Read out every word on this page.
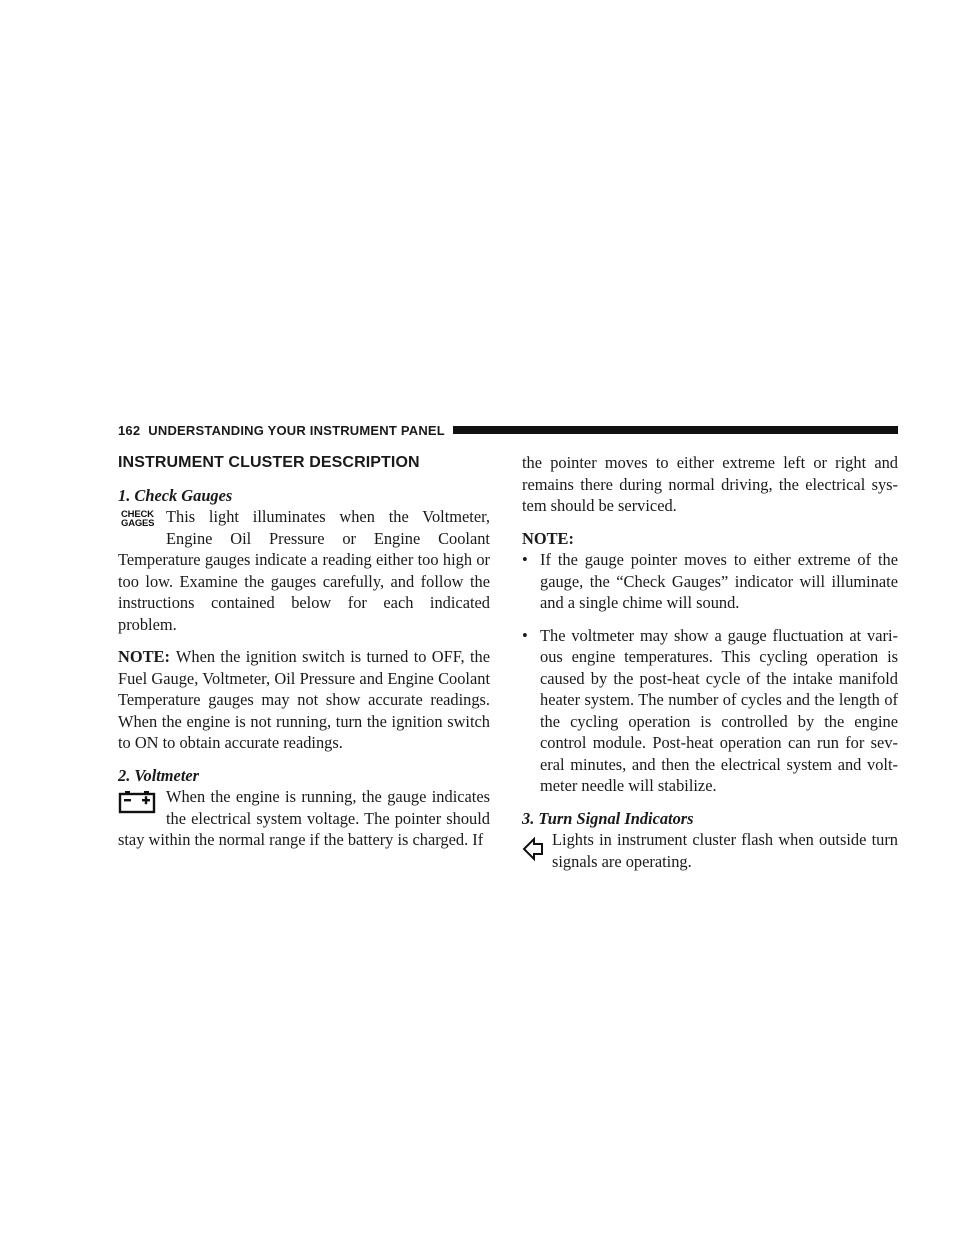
162 UNDERSTANDING YOUR INSTRUMENT PANEL
INSTRUMENT CLUSTER DESCRIPTION

1. Check Gauges

CHECK
GAGES This light illuminates when the Voltmeter, Engine Oil Pressure or Engine Coolant Temperature gauges indicate a reading either too high or too low. Examine the gauges carefully, and follow the instructions contained below for each indicated problem.

NOTE: When the ignition switch is turned to OFF, the Fuel Gauge, Voltmeter, Oil Pressure and Engine Coolant Temperature gauges may not show accurate readings. When the engine is not running, turn the ignition switch to ON to obtain accurate readings.

2. Voltmeter

When the engine is running, the gauge indicates the electrical system voltage. The pointer should stay within the normal range if the battery is charged. If

the pointer moves to either extreme left or right and remains there during normal driving, the electrical sys-tem should be serviced.

NOTE:

• If the gauge pointer moves to either extreme of the gauge, the “Check Gauges” indicator will illuminate and a single chime will sound.
• The voltmeter may show a gauge fluctuation at vari-ous engine temperatures. This cycling operation is caused by the post-heat cycle of the intake manifold heater system. The number of cycles and the length of the cycling operation is controlled by the engine control module. Post-heat operation can run for sev-eral minutes, and then the electrical system and volt-meter needle will stabilize.

3. Turn Signal Indicators

Lights in instrument cluster flash when outside turn signals are operating.
